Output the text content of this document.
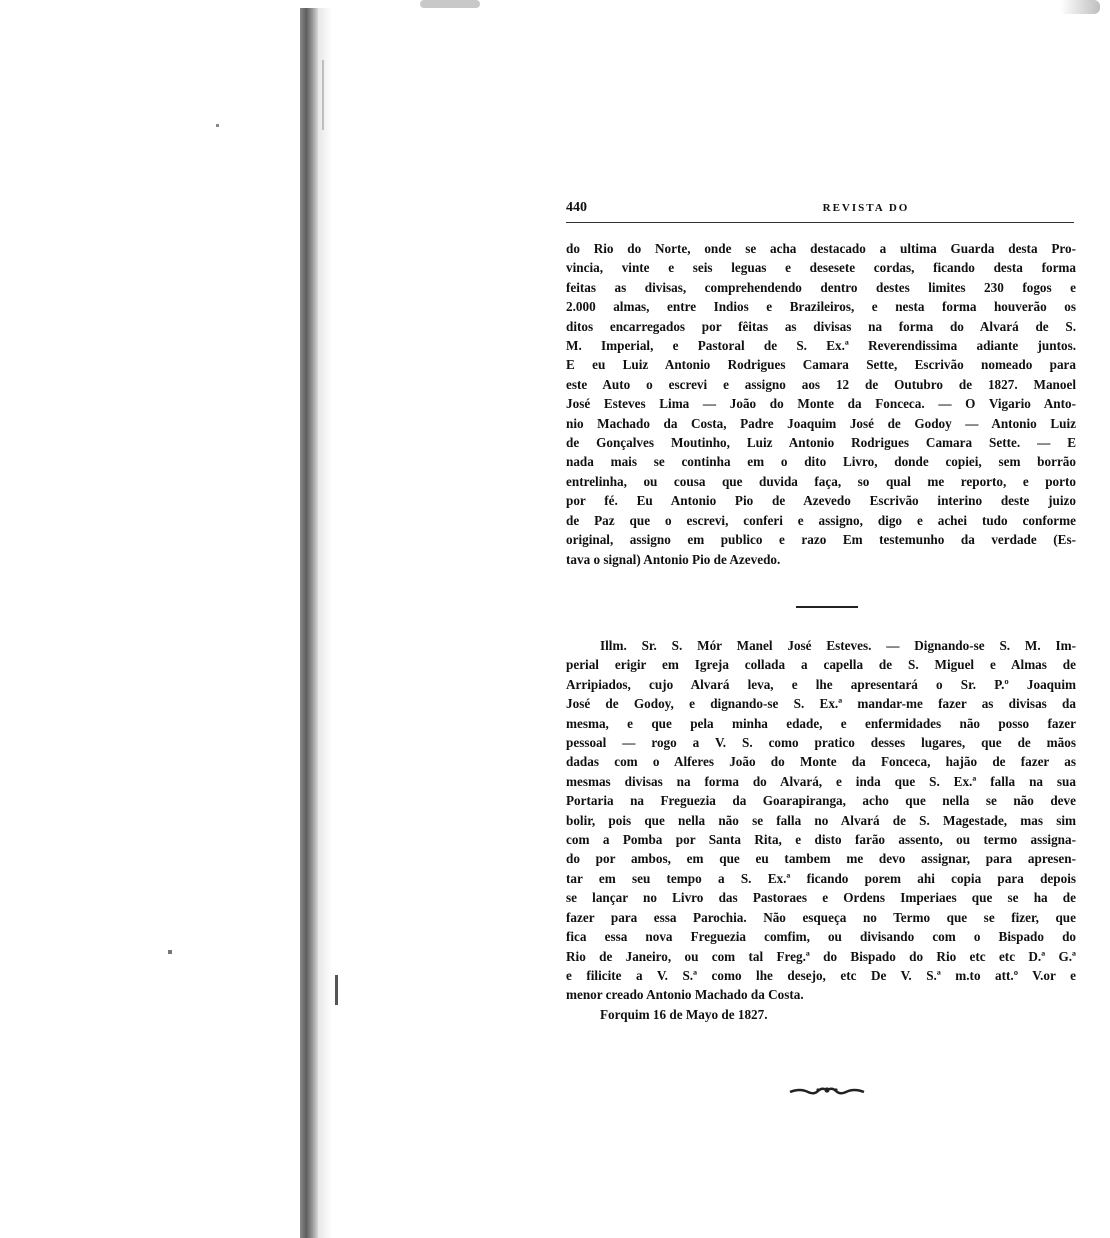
440	REVISTA DO
do Rio do Norte, onde se acha destacado a ultima Guarda desta Pro-
vincia, vinte e seis leguas e desesete cordas, ficando desta forma
feitas as divisas, comprehendendo dentro destes limites 230 fogos e
2.000 almas, entre Indios e Brazileiros, e nesta forma houverão os
ditos encarregados por fêitas as divisas na forma do Alvará de S.
M. Imperial, e Pastoral de S. Ex.ª Reverendissima adiante juntos.
E eu Luiz Antonio Rodrigues Camara Sette, Escrivão nomeado para
este Auto o escrevi e assigno aos 12 de Outubro de 1827. Manoel
José Esteves Lima — João do Monte da Fonceca. — O Vigario Anto-
nio Machado da Costa, Padre Joaquim José de Godoy — Antonio Luiz
de Gonçalves Moutinho, Luiz Antonio Rodrigues Camara Sette. — E
nada mais se continha em o dito Livro, donde copiei, sem borrão
entrelinha, ou cousa que duvida faça, so qual me reporto, e porto
por fé. Eu Antonio Pio de Azevedo Escrivão interino deste juizo
de Paz que o escrevi, conferi e assigno, digo e achei tudo conforme
original, assigno em publico e razo Em testemunho da verdade (Es-
tava o signal) Antonio Pio de Azevedo.
Illm. Sr. S. Mór Manel José Esteves. — Dignando-se S. M. Im-
perial erigir em Igreja collada a capella de S. Miguel e Almas de
Arripiados, cujo Alvará leva, e lhe apresentará o Sr. P.º Joaquim
José de Godoy, e dignando-se S. Ex.ª mandar-me fazer as divisas da
mesma, e que pela minha edade, e enfermidades não posso fazer
pessoal — rogo a V. S. como pratico desses lugares, que de mãos
dadas com o Alferes João do Monte da Fonceca, hajão de fazer as
mesmas divisas na forma do Alvará, e inda que S. Ex.ª falla na sua
Portaria na Freguezia da Goarapiranga, acho que nella se não deve
bolir, pois que nella não se falla no Alvará de S. Magestade, mas sim
com a Pomba por Santa Rita, e disto farão assento, ou termo assigna-
do por ambos, em que eu tambem me devo assignar, para apresen-
tar em seu tempo a S. Ex.ª ficando porem ahi copia para depois
se lançar no Livro das Pastoraes e Ordens Imperiaes que se ha de
fazer para essa Parochia. Não esqueça no Termo que se fizer, que
fica essa nova Freguezia comfim, ou divisando com o Bispado do
Rio de Janeiro, ou com tal Freg.ª do Bispado do Rio etc etc D.ª G.ª
e filicite a V. S.ª como lhe desejo, etc De V. S.ª m.to att.º V.or e
menor creado Antonio Machado da Costa.
Forquim 16 de Mayo de 1827.
